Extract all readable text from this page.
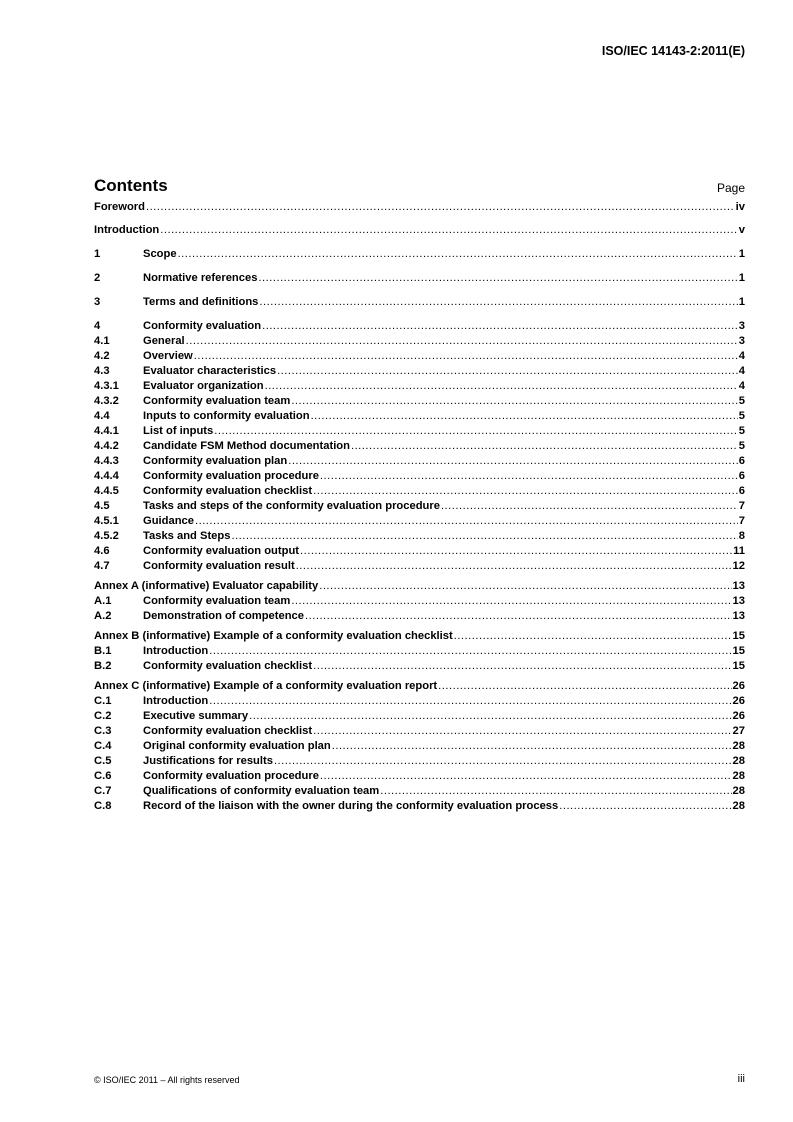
ISO/IEC 14143-2:2011(E)
Contents	Page
Foreword .....	iv
Introduction .....	v
1	Scope .....	1
2	Normative references .....	1
3	Terms and definitions .....	1
4	Conformity evaluation .....	3
4.1	General .....	3
4.2	Overview .....	4
4.3	Evaluator characteristics .....	4
4.3.1	Evaluator organization .....	4
4.3.2	Conformity evaluation team .....	5
4.4	Inputs to conformity evaluation .....	5
4.4.1	List of inputs .....	5
4.4.2	Candidate FSM Method documentation .....	5
4.4.3	Conformity evaluation plan .....	6
4.4.4	Conformity evaluation procedure .....	6
4.4.5	Conformity evaluation checklist .....	6
4.5	Tasks and steps of the conformity evaluation procedure .....	7
4.5.1	Guidance .....	7
4.5.2	Tasks and Steps .....	8
4.6	Conformity evaluation output .....	11
4.7	Conformity evaluation result .....	12
Annex A (informative) Evaluator capability .....	13
A.1	Conformity evaluation team .....	13
A.2	Demonstration of competence .....	13
Annex B (informative) Example of a conformity evaluation checklist .....	15
B.1	Introduction .....	15
B.2	Conformity evaluation checklist .....	15
Annex C (informative) Example of a conformity evaluation report .....	26
C.1	Introduction .....	26
C.2	Executive summary .....	26
C.3	Conformity evaluation checklist .....	27
C.4	Original conformity evaluation plan .....	28
C.5	Justifications for results .....	28
C.6	Conformity evaluation procedure .....	28
C.7	Qualifications of conformity evaluation team .....	28
C.8	Record of the liaison with the owner during the conformity evaluation process .....	28
© ISO/IEC 2011 – All rights reserved	iii
